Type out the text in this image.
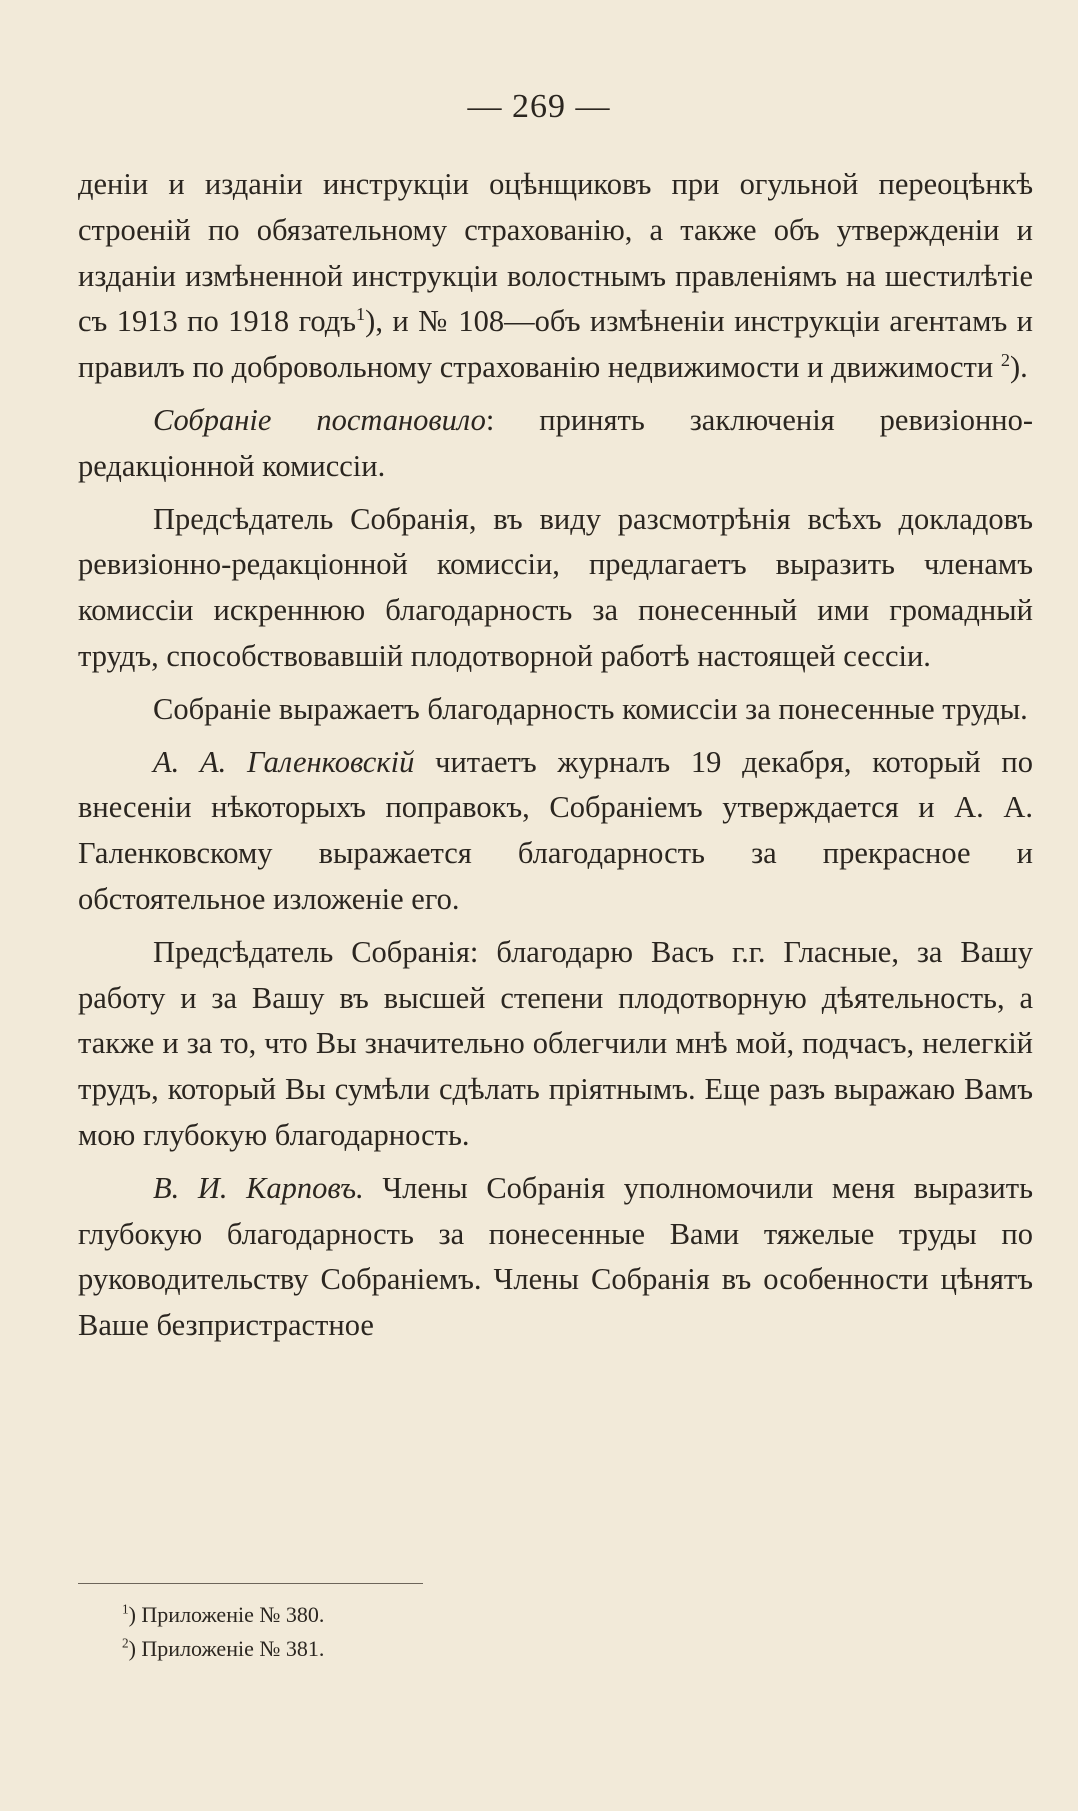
— 269 —

деніи и изданіи инструкціи оцѣнщиковъ при огульной переоцѣнкѣ строеній по обязательному страхованію, а также объ утвержденіи и изданіи измѣненной инструкціи волостнымъ правленіямъ на шестилѣтіе съ 1913 по 1918 годъ$^1$), и № 108—объ измѣненіи инструкціи агентамъ и правилъ по добровольному страхованію недвижимости и движимости $^2$).

Собраніе постановило: принять заключенія ревизіонно-редакціонной комиссіи.

Предсѣдатель Собранія, въ виду разсмотрѣнія всѣхъ докладовъ ревизіонно-редакціонной комиссіи, предлагаетъ выразить членамъ комиссіи искреннюю благодарность за понесенный ими громадный трудъ, способствовавшій плодотворной работѣ настоящей сессіи.

Собраніе выражаетъ благодарность комиссіи за понесенные труды.

А. А. Галенковскій читаетъ журналъ 19 декабря, который по внесеніи нѣкоторыхъ поправокъ, Собраніемъ утверждается и А. А. Галенковскому выражается благодарность за прекрасное и обстоятельное изложеніе его.

Предсѣдатель Собранія: благодарю Васъ г.г. Гласные, за Вашу работу и за Вашу въ высшей степени плодотворную дѣятельность, а также и за то, что Вы значительно облегчили мнѣ мой, подчасъ, нелегкій трудъ, который Вы сумѣли сдѣлать пріятнымъ. Еще разъ выражаю Вамъ мою глубокую благодарность.

В. И. Карповъ. Члены Собранія уполномочили меня выразить глубокую благодарность за понесенные Вами тяжелые труды по руководительству Собраніемъ. Члены Собранія въ особенности цѣнятъ Ваше безпристрастное

$^1$) Приложеніе № 380.
$^2$) Приложеніе № 381.
